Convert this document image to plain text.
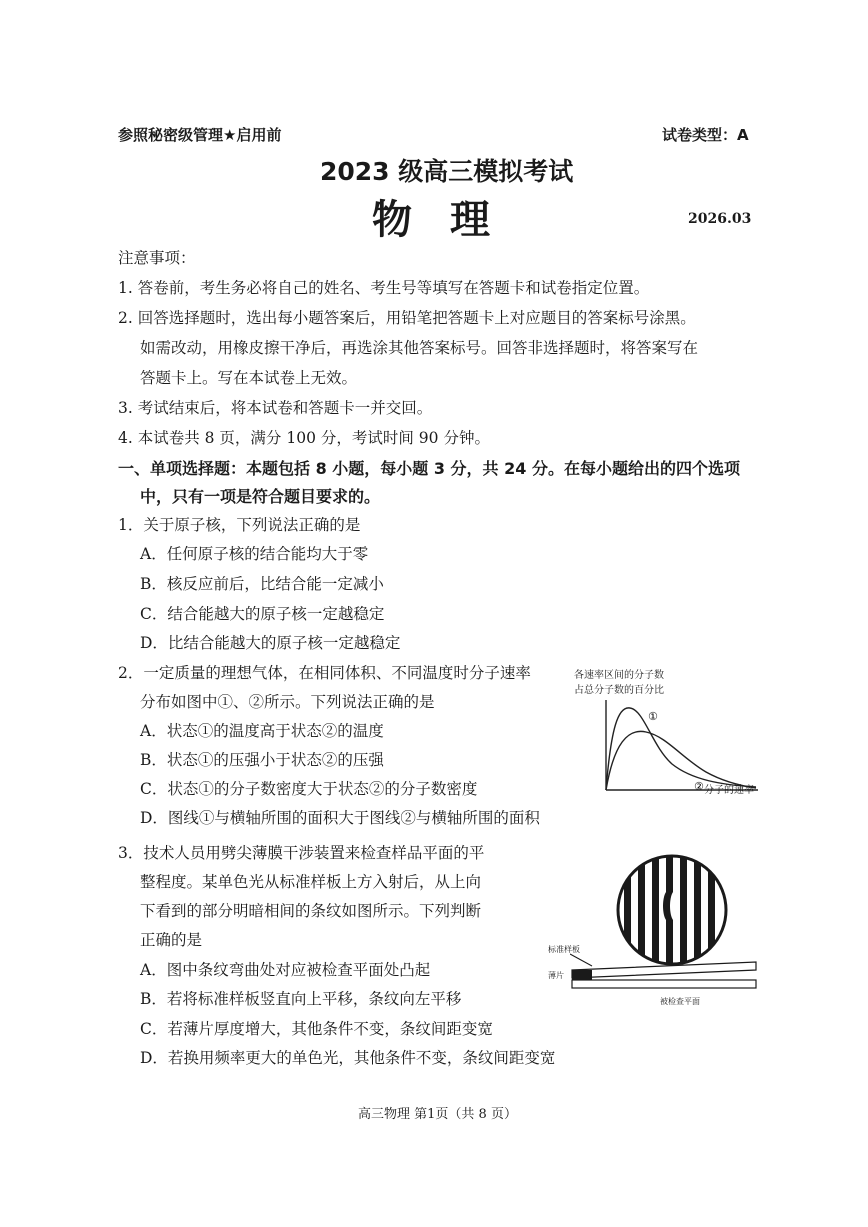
参照秘密级管理★启用前	试卷类型：A
2023 级高三模拟考试
物理	2026.03
注意事项：
1. 答卷前，考生务必将自己的姓名、考生号等填写在答题卡和试卷指定位置。
2. 回答选择题时，选出每小题答案后，用铅笔把答题卡上对应题目的答案标号涂黑。
如需改动，用橡皮擦干净后，再选涂其他答案标号。回答非选择题时，将答案写在
答题卡上。写在本试卷上无效。
3. 考试结束后，将本试卷和答题卡一并交回。
4. 本试卷共 8 页，满分 100 分，考试时间 90 分钟。
一、单项选择题：本题包括 8 小题，每小题 3 分，共 24 分。在每小题给出的四个选项
中，只有一项是符合题目要求的。
1．关于原子核，下列说法正确的是
A．任何原子核的结合能均大于零
B．核反应前后，比结合能一定减小
C．结合能越大的原子核一定越稳定
D．比结合能越大的原子核一定越稳定
2．一定质量的理想气体，在相同体积、不同温度时分子速率
分布如图中①、②所示。下列说法正确的是
A．状态①的温度高于状态②的温度
B．状态①的压强小于状态②的压强
C．状态①的分子数密度大于状态②的分子数密度
D．图线①与横轴所围的面积大于图线②与横轴所围的面积
各速率区间的分子数
占总分子数的百分比
①
② 分子的速率
3．技术人员用劈尖薄膜干涉装置来检查样品平面的平
整程度。某单色光从标准样板上方入射后，从上向
下看到的部分明暗相间的条纹如图所示。下列判断
正确的是
A．图中条纹弯曲处对应被检查平面处凸起
B．若将标准样板竖直向上平移，条纹向左平移
C．若薄片厚度增大，其他条件不变，条纹间距变宽
D．若换用频率更大的单色光，其他条件不变，条纹间距变宽
标准样板
薄片
被检查平面
高三物理 第1页（共 8 页）
